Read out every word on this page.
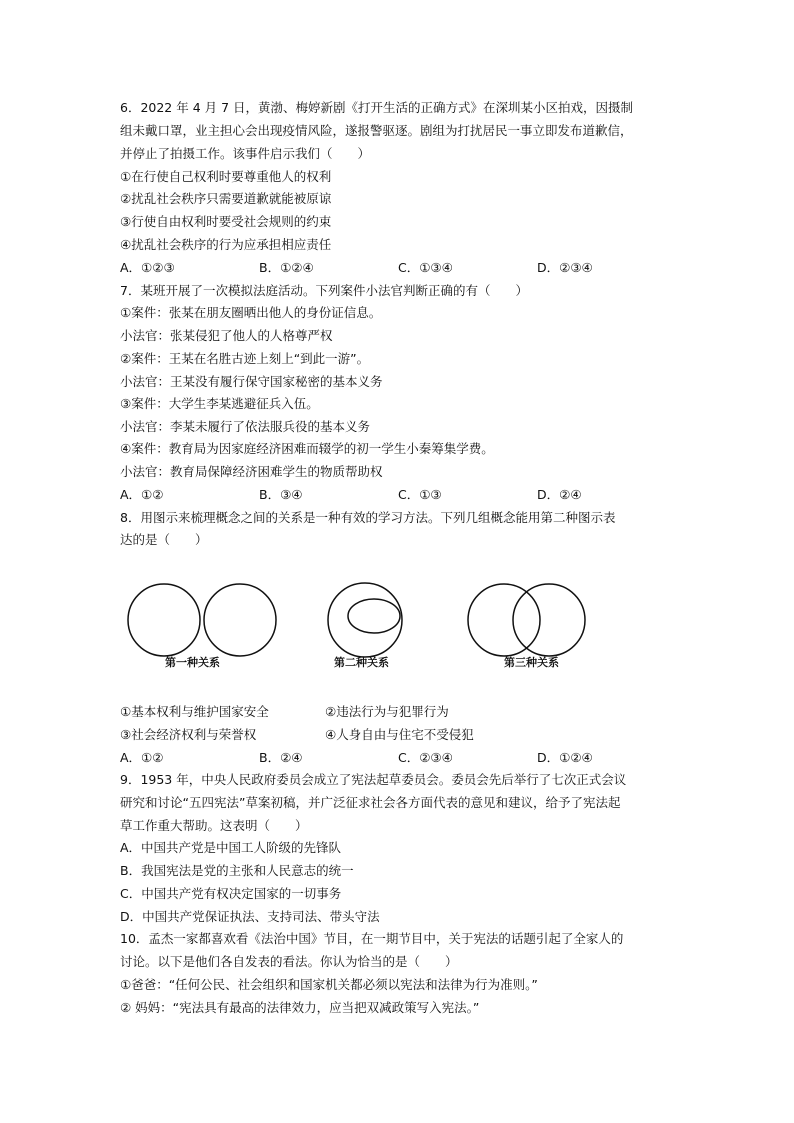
6．2022 年 4 月 7 日，黄渤、梅婷新剧《打开生活的正确方式》在深圳某小区拍戏，因摄制
组未戴口罩，业主担心会出现疫情风险，遂报警驱逐。剧组为打扰居民一事立即发布道歉信，
并停止了拍摄工作。该事件启示我们（　　）
①在行使自己权利时要尊重他人的权利
②扰乱社会秩序只需要道歉就能被原谅
③行使自由权利时要受社会规则的约束
④扰乱社会秩序的行为应承担相应责任
A．①②③	B．①②④	C．①③④	D．②③④
7．某班开展了一次模拟法庭活动。下列案件小法官判断正确的有（　　）
①案件：张某在朋友圈晒出他人的身份证信息。
小法官：张某侵犯了他人的人格尊严权
②案件：王某在名胜古迹上刻上“到此一游”。
小法官：王某没有履行保守国家秘密的基本义务
③案件：大学生李某逃避征兵入伍。
小法官：李某未履行了依法服兵役的基本义务
④案件：教育局为因家庭经济困难而辍学的初一学生小秦筹集学费。
小法官：教育局保障经济困难学生的物质帮助权
A．①②	B．③④	C．①③	D．②④
8．用图示来梳理概念之间的关系是一种有效的学习方法。下列几组概念能用第二种图示表
达的是（　　）
第一种关系	第二种关系	第三种关系
①基本权利与维护国家安全	②违法行为与犯罪行为
③社会经济权利与荣誉权	④人身自由与住宅不受侵犯
A．①②	B．②④	C．②③④	D．①②④
9．1953 年，中央人民政府委员会成立了宪法起草委员会。委员会先后举行了七次正式会议
研究和讨论“五四宪法”草案初稿，并广泛征求社会各方面代表的意见和建议，给予了宪法起
草工作重大帮助。这表明（　　）
A．中国共产党是中国工人阶级的先锋队
B．我国宪法是党的主张和人民意志的统一
C．中国共产党有权决定国家的一切事务
D．中国共产党保证执法、支持司法、带头守法
10．孟杰一家都喜欢看《法治中国》节目，在一期节目中，关于宪法的话题引起了全家人的
讨论。以下是他们各自发表的看法。你认为恰当的是（　　）
①爸爸：“任何公民、社会组织和国家机关都必须以宪法和法律为行为准则。”
② 妈妈：“宪法具有最高的法律效力，应当把双减政策写入宪法。”
